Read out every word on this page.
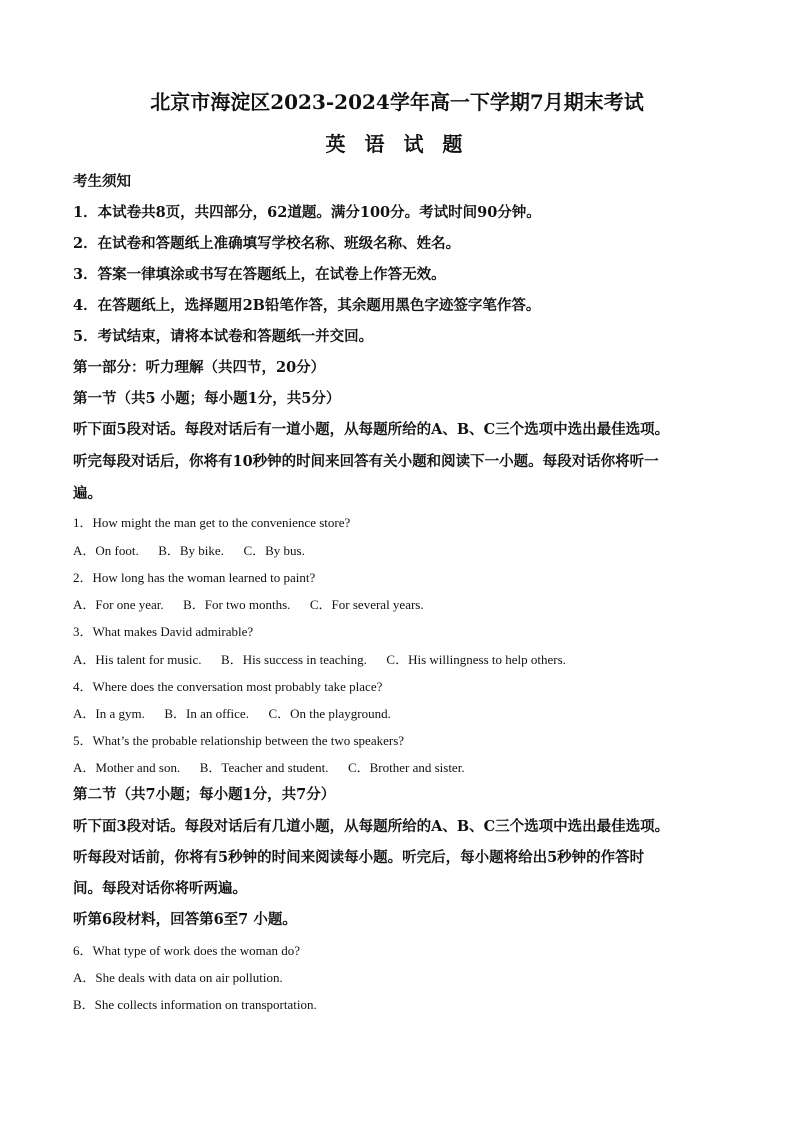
北京市海淀区2023-2024学年高一下学期7月期末考试
英 语 试 题
考生须知
1．本试卷共8页，共四部分，62道题。满分100分。考试时间90分钟。
2．在试卷和答题纸上准确填写学校名称、班级名称、姓名。
3．答案一律填涂或书写在答题纸上，在试卷上作答无效。
4．在答题纸上，选择题用2B铅笔作答，其余题用黑色字迹签字笔作答。
5．考试结束，请将本试卷和答题纸一并交回。
第一部分：听力理解（共四节，20分）
第一节（共5 小题；每小题1分，共5分）
听下面5段对话。每段对话后有一道小题，从每题所给的A、B、C三个选项中选出最佳选项。
听完每段对话后，你将有10秒钟的时间来回答有关小题和阅读下一小题。每段对话你将听一
遍。
1．How might the man get to the convenience store?
A．On foot. B．By bike. C．By bus.
2．How long has the woman learned to paint?
A．For one year. B．For two months. C．For several years.
3．What makes David admirable?
A．His talent for music. B．His success in teaching. C．His willingness to help others.
4．Where does the conversation most probably take place?
A．In a gym. B．In an office. C．On the playground.
5．What’s the probable relationship between the two speakers?
A．Mother and son. B．Teacher and student. C．Brother and sister.
第二节（共7小题；每小题1分，共7分）
听下面3段对话。每段对话后有几道小题，从每题所给的A、B、C三个选项中选出最佳选项。
听每段对话前，你将有5秒钟的时间来阅读每小题。听完后，每小题将给出5秒钟的作答时
间。每段对话你将听两遍。
听第6段材料，回答第6至7 小题。
6．What type of work does the woman do?
A．She deals with data on air pollution.
B．She collects information on transportation.
